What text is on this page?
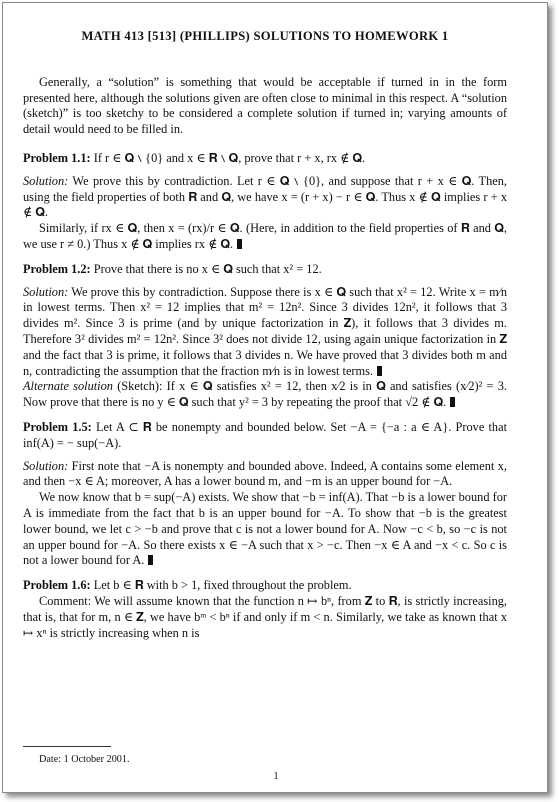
MATH 413 [513] (PHILLIPS) SOLUTIONS TO HOMEWORK 1

Generally, a “solution” is something that would be acceptable if turned in in the form presented here, although the solutions given are often close to minimal in this respect. A “solution (sketch)” is too sketchy to be considered a complete solution if turned in; varying amounts of detail would need to be filled in.

Problem 1.1: If r ∈ 𝐐 ∖ {0} and x ∈ 𝐑 ∖ 𝐐, prove that r + x, rx ∉ 𝐐.

Solution: We prove this by contradiction. Let r ∈ 𝐐 ∖ {0}, and suppose that r + x ∈ 𝐐. Then, using the field properties of both 𝐑 and 𝐐, we have x = (r + x) − r ∈ 𝐐. Thus x ∉ 𝐐 implies r + x ∉ 𝐐.

Similarly, if rx ∈ 𝐐, then x = (rx)/r ∈ 𝐐. (Here, in addition to the field properties of 𝐑 and 𝐐, we use r ≠ 0.) Thus x ∉ 𝐐 implies rx ∉ 𝐐.

Problem 1.2: Prove that there is no x ∈ 𝐐 such that x² = 12.

Solution: We prove this by contradiction. Suppose there is x ∈ 𝐐 such that x² = 12. Write x = m⁄n in lowest terms. Then x² = 12 implies that m² = 12n². Since 3 divides 12n², it follows that 3 divides m². Since 3 is prime (and by unique factorization in 𝐙), it follows that 3 divides m. Therefore 3² divides m² = 12n². Since 3² does not divide 12, using again unique factorization in 𝐙 and the fact that 3 is prime, it follows that 3 divides n. We have proved that 3 divides both m and n, contradicting the assumption that the fraction m⁄n is in lowest terms.

Alternate solution (Sketch): If x ∈ 𝐐 satisfies x² = 12, then x⁄2 is in 𝐐 and satisfies (x⁄2)² = 3. Now prove that there is no y ∈ 𝐐 such that y² = 3 by repeating the proof that √2 ∉ 𝐐.

Problem 1.5: Let A ⊂ 𝐑 be nonempty and bounded below. Set −A = {−a : a ∈ A}. Prove that inf(A) = − sup(−A).

Solution: First note that −A is nonempty and bounded above. Indeed, A contains some element x, and then −x ∈ A; moreover, A has a lower bound m, and −m is an upper bound for −A.

We now know that b = sup(−A) exists. We show that −b = inf(A). That −b is a lower bound for A is immediate from the fact that b is an upper bound for −A. To show that −b is the greatest lower bound, we let c > −b and prove that c is not a lower bound for A. Now −c < b, so −c is not an upper bound for −A. So there exists x ∈ −A such that x > −c. Then −x ∈ A and −x < c. So c is not a lower bound for A.

Problem 1.6: Let b ∈ 𝐑 with b > 1, fixed throughout the problem.

Comment: We will assume known that the function n ↦ bⁿ, from 𝐙 to 𝐑, is strictly increasing, that is, that for m, n ∈ 𝐙, we have bᵐ < bⁿ if and only if m < n. Similarly, we take as known that x ↦ xⁿ is strictly increasing when n is

Date: 1 October 2001.
1
